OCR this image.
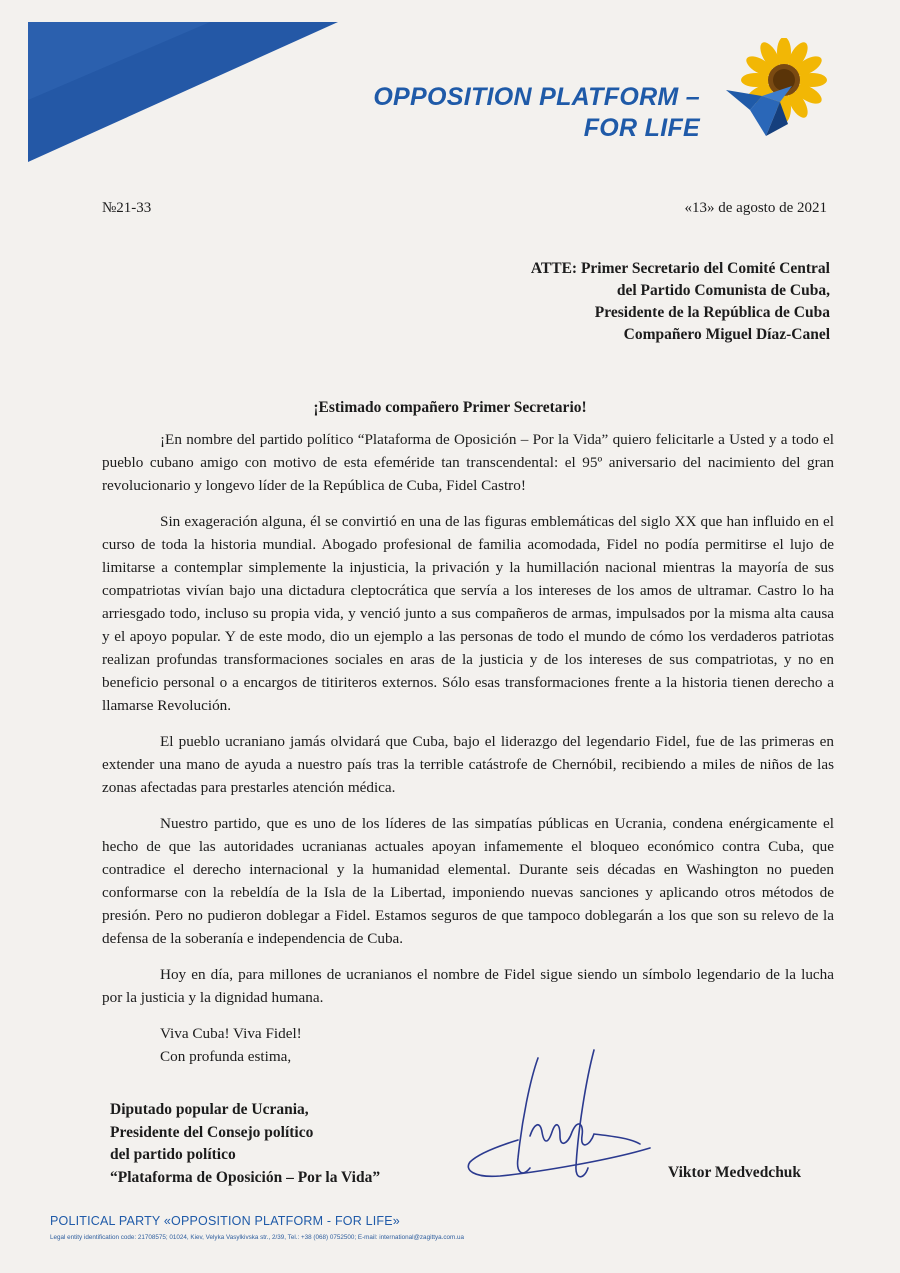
OPPOSITION PLATFORM –
FOR LIFE
№21-33	«13» de agosto de 2021
ATTE: Primer Secretario del Comité Central
del Partido Comunista de Cuba,
Presidente de la República de Cuba
Compañero Miguel Díaz-Canel
¡Estimado compañero Primer Secretario!

¡En nombre del partido político “Plataforma de Oposición – Por la Vida” quiero felicitarle a Usted y a todo el pueblo cubano amigo con motivo de esta efeméride tan transcendental: el 95º aniversario del nacimiento del gran revolucionario y longevo líder de la República de Cuba, Fidel Castro!

Sin exageración alguna, él se convirtió en una de las figuras emblemáticas del siglo XX que han influido en el curso de toda la historia mundial. Abogado profesional de familia acomodada, Fidel no podía permitirse el lujo de limitarse a contemplar simplemente la injusticia, la privación y la humillación nacional mientras la mayoría de sus compatriotas vivían bajo una dictadura cleptocrática que servía a los intereses de los amos de ultramar. Castro lo ha arriesgado todo, incluso su propia vida, y venció junto a sus compañeros de armas, impulsados por la misma alta causa y el apoyo popular. Y de este modo, dio un ejemplo a las personas de todo el mundo de cómo los verdaderos patriotas realizan profundas transformaciones sociales en aras de la justicia y de los intereses de sus compatriotas, y no en beneficio personal o a encargos de titiriteros externos. Sólo esas transformaciones frente a la historia tienen derecho a llamarse Revolución.

El pueblo ucraniano jamás olvidará que Cuba, bajo el liderazgo del legendario Fidel, fue de las primeras en extender una mano de ayuda a nuestro país tras la terrible catástrofe de Chernóbil, recibiendo a miles de niños de las zonas afectadas para prestarles atención médica.

Nuestro partido, que es uno de los líderes de las simpatías públicas en Ucrania, condena enérgicamente el hecho de que las autoridades ucranianas actuales apoyan infamemente el bloqueo económico contra Cuba, que contradice el derecho internacional y la humanidad elemental. Durante seis décadas en Washington no pueden conformarse con la rebeldía de la Isla de la Libertad, imponiendo nuevas sanciones y aplicando otros métodos de presión. Pero no pudieron doblegar a Fidel. Estamos seguros de que tampoco doblegarán a los que son su relevo de la defensa de la soberanía e independencia de Cuba.

Hoy en día, para millones de ucranianos el nombre de Fidel sigue siendo un símbolo legendario de la lucha por la justicia y la dignidad humana.

Viva Cuba! Viva Fidel!

Con profunda estima,
Diputado popular de Ucrania,
Presidente del Consejo político
del partido político
“Plataforma de Oposición – Por la Vida”	Viktor Medvedchuk
POLITICAL PARTY «OPPOSITION PLATFORM - FOR LIFE»
Legal entity identification code: 21708575; 01024, Kiev, Velyka Vasylkivska str., 2/39, Tel.: +38 (068) 0752500; E-mail: international@zagittya.com.ua
